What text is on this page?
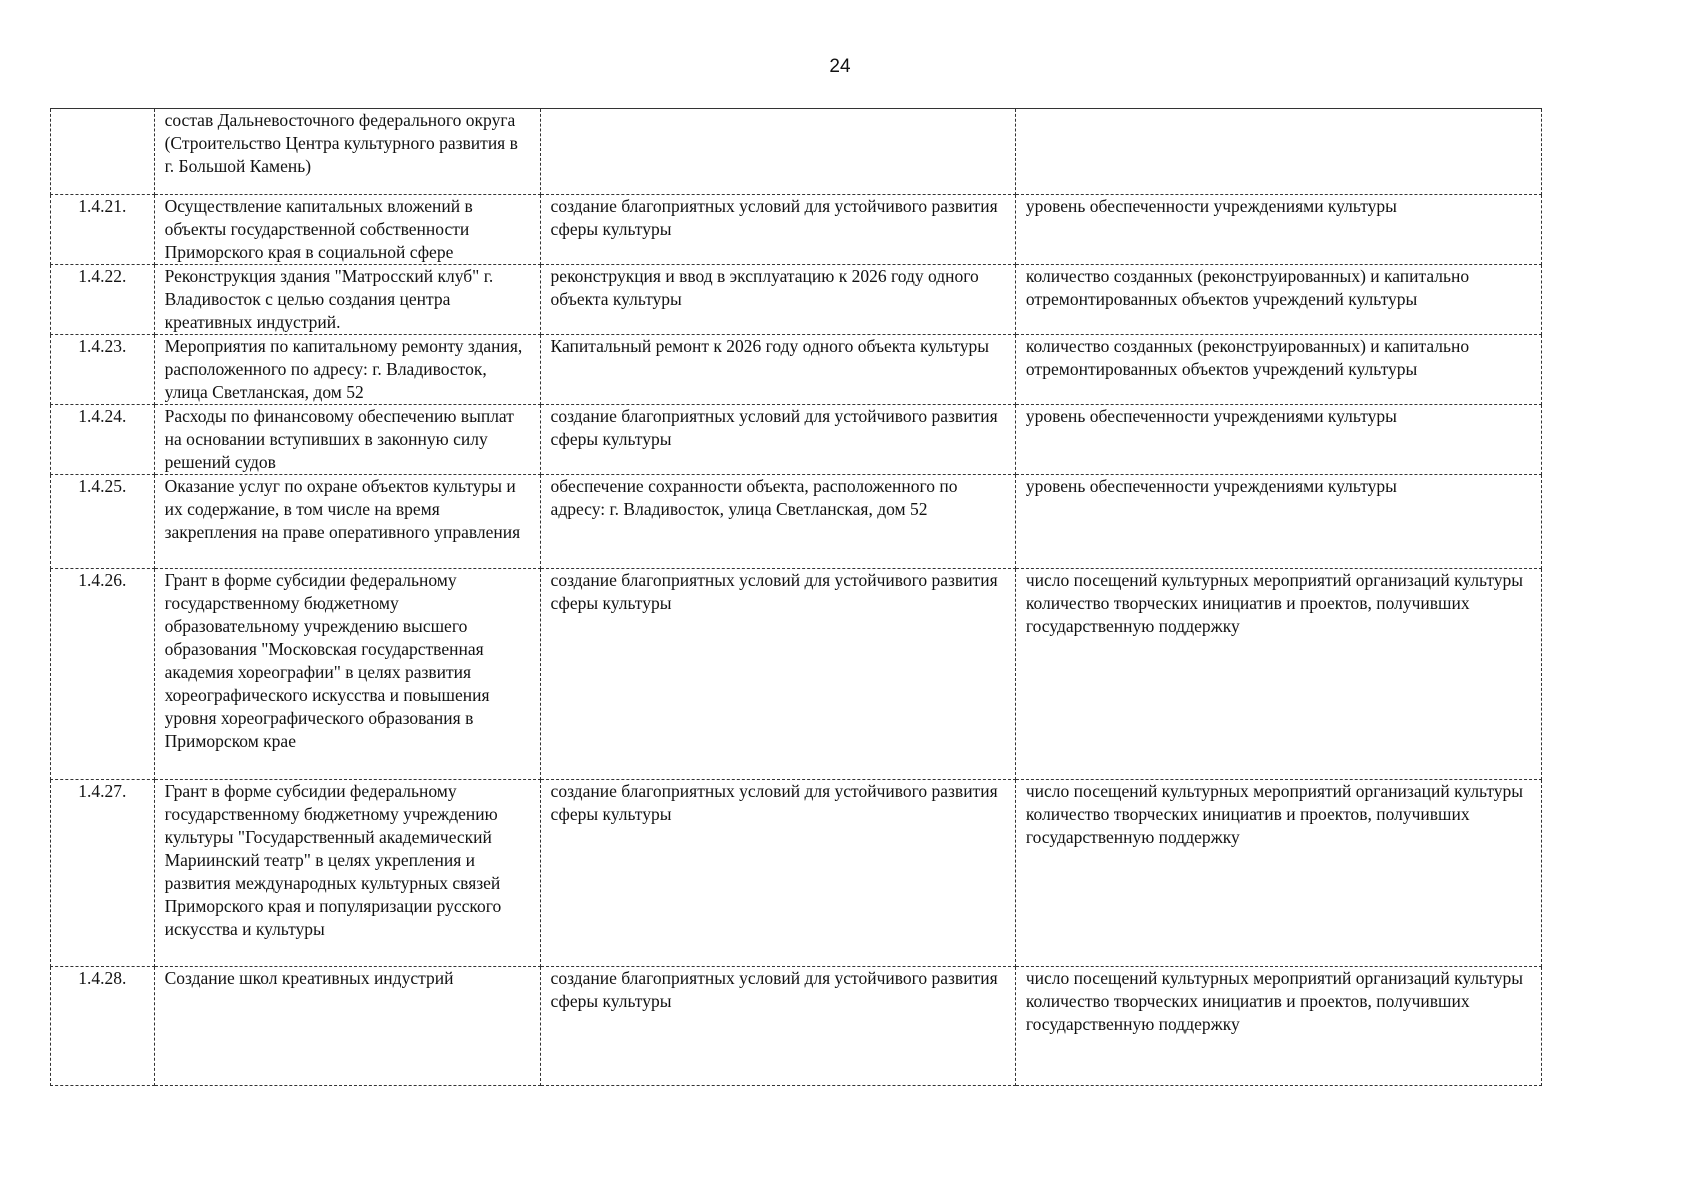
24
	состав Дальневосточного федерального округа (Строительство Центра культурного развития в г. Большой Камень)		
1.4.21.	Осуществление капитальных вложений в объекты государственной собственности Приморского края в социальной сфере	создание благоприятных условий для устойчивого развития сферы культуры	уровень обеспеченности учреждениями культуры
1.4.22.	Реконструкция здания "Матросский клуб" г. Владивосток с целью создания центра креативных индустрий.	реконструкция и ввод в эксплуатацию к 2026 году одного объекта культуры	количество созданных (реконструированных) и капитально отремонтированных объектов учреждений культуры
1.4.23.	Мероприятия по капитальному ремонту здания, расположенного по адресу: г. Владивосток, улица Светланская, дом 52	Капитальный ремонт к 2026 году одного объекта культуры	количество созданных (реконструированных) и капитально отремонтированных объектов учреждений культуры
1.4.24.	Расходы по финансовому обеспечению выплат на основании вступивших в законную силу решений судов	создание благоприятных условий для устойчивого развития сферы культуры	уровень обеспеченности учреждениями культуры
1.4.25.	Оказание услуг по охране объектов культуры и их содержание, в том числе на время закрепления на праве оперативного управления	обеспечение сохранности объекта, расположенного по адресу: г. Владивосток, улица Светланская, дом 52	уровень обеспеченности учреждениями культуры
1.4.26.	Грант в форме субсидии федеральному государственному бюджетному образовательному учреждению высшего образования "Московская государственная академия хореографии" в целях развития хореографического искусства и повышения уровня хореографического образования в Приморском крае	создание благоприятных условий для устойчивого развития сферы культуры	число посещений культурных мероприятий организаций культуры
количество творческих инициатив и проектов, получивших государственную поддержку

1.4.27.	Грант в форме субсидии федеральному государственному бюджетному учреждению культуры "Государственный академический Мариинский театр" в целях укрепления и развития международных культурных связей Приморского края и популяризации русского искусства и культуры	создание благоприятных условий для устойчивого развития сферы культуры	число посещений культурных мероприятий организаций культуры
количество творческих инициатив и проектов, получивших государственную поддержку

1.4.28.	Создание школ креативных индустрий	создание благоприятных условий для устойчивого развития сферы культуры	число посещений культурных мероприятий организаций культуры
количество творческих инициатив и проектов, получивших государственную поддержку
